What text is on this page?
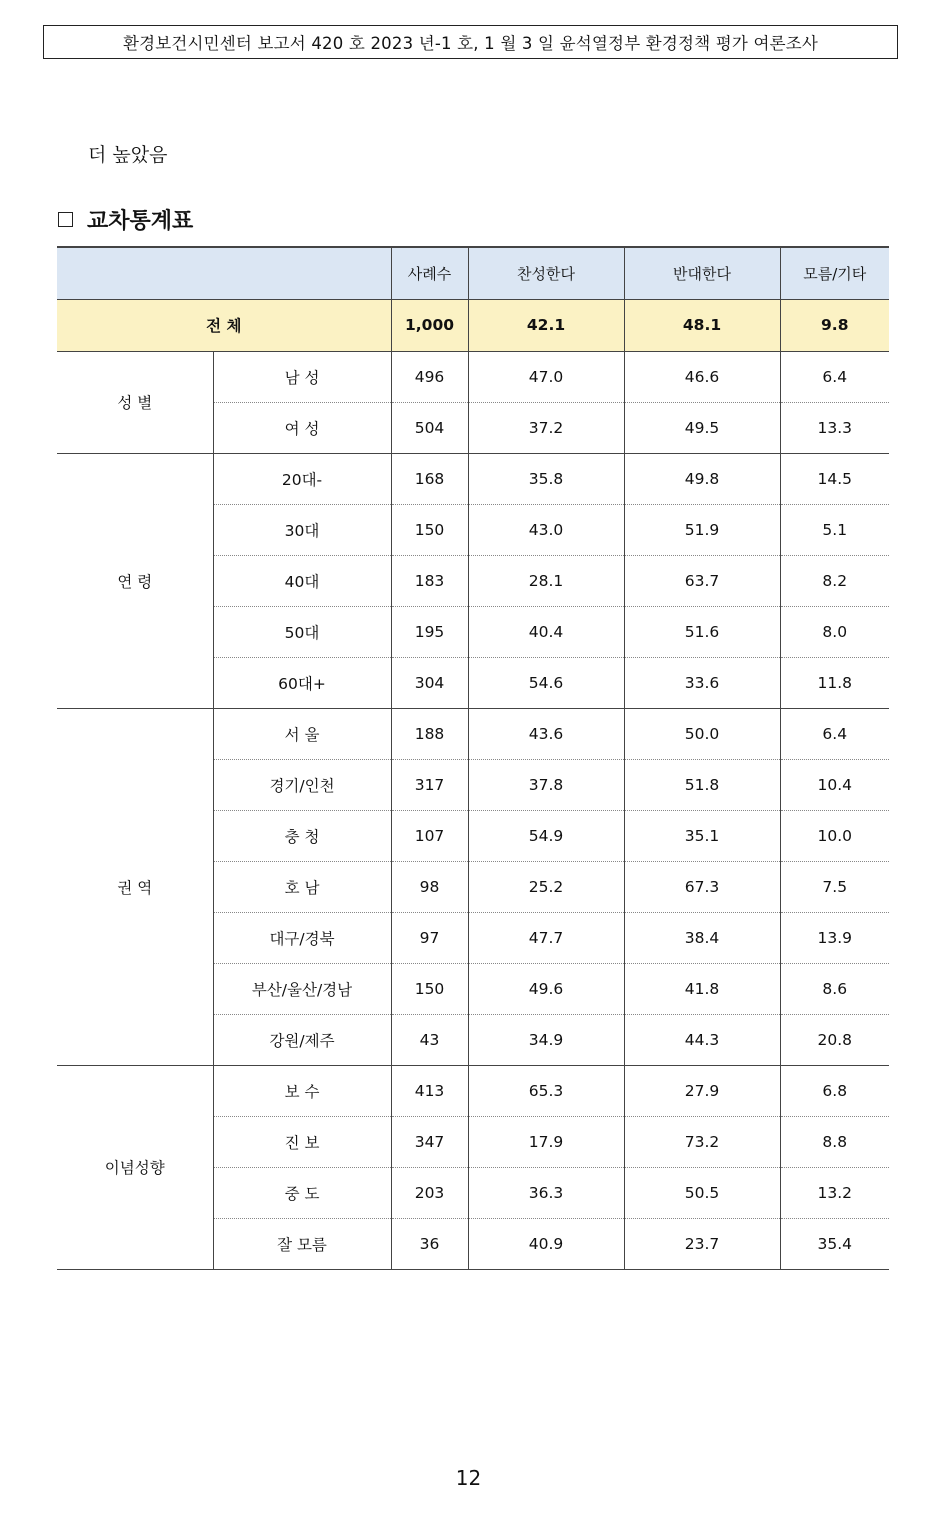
환경보건시민센터 보고서 420 호 2023 년-1 호, 1 월 3 일 윤석열정부 환경정책 평가 여론조사
더 높았음
교차통계표
		사례수	찬성한다	반대한다	모름/기타
전 체		1,000	42.1	48.1	9.8
성 별	남 성	496	47.0	46.6	6.4
	여 성	504	37.2	49.5	13.3
연 령	20대-	168	35.8	49.8	14.5
	30대	150	43.0	51.9	5.1
	40대	183	28.1	63.7	8.2
	50대	195	40.4	51.6	8.0
	60대+	304	54.6	33.6	11.8
권 역	서 울	188	43.6	50.0	6.4
	경기/인천	317	37.8	51.8	10.4
	충 청	107	54.9	35.1	10.0
	호 남	98	25.2	67.3	7.5
	대구/경북	97	47.7	38.4	13.9
	부산/울산/경남	150	49.6	41.8	8.6
	강원/제주	43	34.9	44.3	20.8
이념성향	보 수	413	65.3	27.9	6.8
	진 보	347	17.9	73.2	8.8
	중 도	203	36.3	50.5	13.2
	잘 모름	36	40.9	23.7	35.4
12
